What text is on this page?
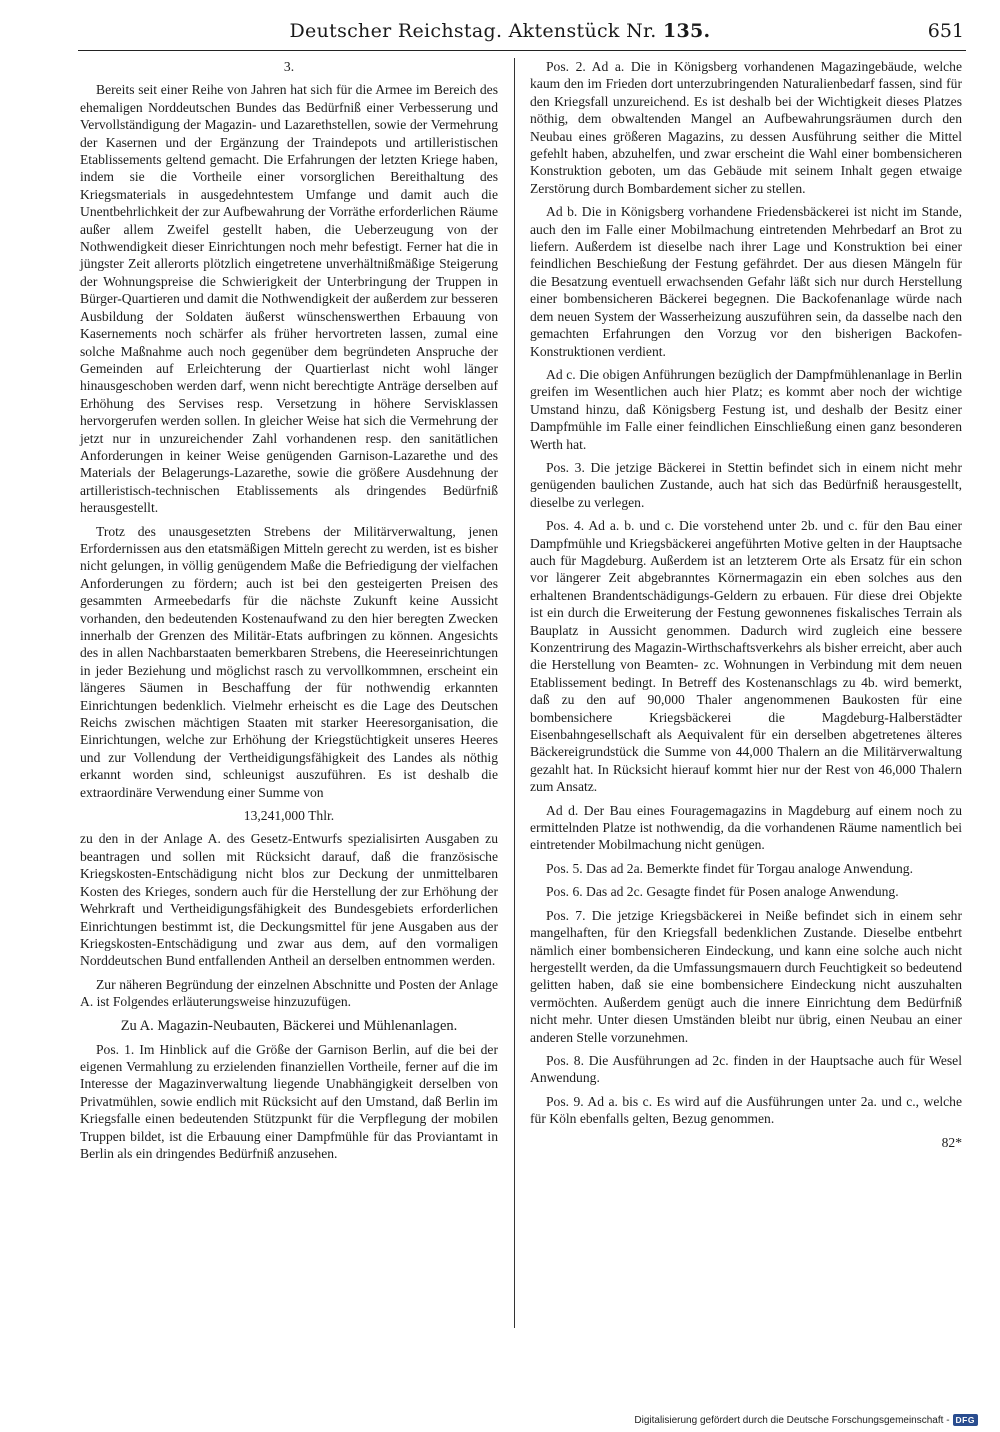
Deutscher Reichstag. Aktenstück Nr. 135.	651

3.

Bereits seit einer Reihe von Jahren hat sich für die Armee im Bereich des ehemaligen Norddeutschen Bundes das Bedürfniß einer Verbesserung und Vervollständigung der Magazin- und Lazarethstellen, sowie der Vermehrung der Kasernen und der Ergänzung der Traindepots und artilleristischen Etablissements geltend gemacht. Die Erfahrungen der letzten Kriege haben, indem sie die Vortheile einer vorsorglichen Bereithaltung des Kriegsmaterials in ausgedehntestem Umfange und damit auch die Unentbehrlichkeit der zur Aufbewahrung der Vorräthe erforderlichen Räume außer allem Zweifel gestellt haben, die Ueberzeugung von der Nothwendigkeit dieser Einrichtungen noch mehr befestigt. Ferner hat die in jüngster Zeit allerorts plötzlich eingetretene unverhältnißmäßige Steigerung der Wohnungspreise die Schwierigkeit der Unterbringung der Truppen in Bürger-Quartieren und damit die Nothwendigkeit der außerdem zur besseren Ausbildung der Soldaten äußerst wünschenswerthen Erbauung von Kasernements noch schärfer als früher hervortreten lassen, zumal eine solche Maßnahme auch noch gegenüber dem begründeten Anspruche der Gemeinden auf Erleichterung der Quartierlast nicht wohl länger hinausgeschoben werden darf, wenn nicht berechtigte Anträge derselben auf Erhöhung des Servises resp. Versetzung in höhere Servisklassen hervorgerufen werden sollen. In gleicher Weise hat sich die Vermehrung der jetzt nur in unzureichender Zahl vorhandenen resp. den sanitätlichen Anforderungen in keiner Weise genügenden Garnison-Lazarethe und des Materials der Belagerungs-Lazarethe, sowie die größere Ausdehnung der artilleristisch-technischen Etablissements als dringendes Bedürfniß herausgestellt.

Trotz des unausgesetzten Strebens der Militärverwaltung, jenen Erfordernissen aus den etatsmäßigen Mitteln gerecht zu werden, ist es bisher nicht gelungen, in völlig genügendem Maße die Befriedigung der vielfachen Anforderungen zu fördern; auch ist bei den gesteigerten Preisen des gesammten Armeebedarfs für die nächste Zukunft keine Aussicht vorhanden, den bedeutenden Kostenaufwand zu den hier beregten Zwecken innerhalb der Grenzen des Militär-Etats aufbringen zu können. Angesichts des in allen Nachbarstaaten bemerkbaren Strebens, die Heereseinrichtungen in jeder Beziehung und möglichst rasch zu vervollkommnen, erscheint ein längeres Säumen in Beschaffung der für nothwendig erkannten Einrichtungen bedenklich. Vielmehr erheischt es die Lage des Deutschen Reichs zwischen mächtigen Staaten mit starker Heeresorganisation, die Einrichtungen, welche zur Erhöhung der Kriegstüchtigkeit unseres Heeres und zur Vollendung der Vertheidigungsfähigkeit des Landes als nöthig erkannt worden sind, schleunigst auszuführen. Es ist deshalb die extraordinäre Verwendung einer Summe von

13,241,000 Thlr.

zu den in der Anlage A. des Gesetz-Entwurfs spezialisirten Ausgaben zu beantragen und sollen mit Rücksicht darauf, daß die französische Kriegskosten-Entschädigung nicht blos zur Deckung der unmittelbaren Kosten des Krieges, sondern auch für die Herstellung der zur Erhöhung der Wehrkraft und Vertheidigungsfähigkeit des Bundesgebiets erforderlichen Einrichtungen bestimmt ist, die Deckungsmittel für jene Ausgaben aus der Kriegskosten-Entschädigung und zwar aus dem, auf den vormaligen Norddeutschen Bund entfallenden Antheil an derselben entnommen werden.

Zur näheren Begründung der einzelnen Abschnitte und Posten der Anlage A. ist Folgendes erläuterungsweise hinzuzufügen.

Zu A. Magazin-Neubauten, Bäckerei und Mühlenanlagen.

Pos. 1. Im Hinblick auf die Größe der Garnison Berlin, auf die bei der eigenen Vermahlung zu erzielenden finanziellen Vortheile, ferner auf die im Interesse der Magazinverwaltung liegende Unabhängigkeit derselben von Privatmühlen, sowie endlich mit Rücksicht auf den Umstand, daß Berlin im Kriegsfalle einen bedeutenden Stützpunkt für die Verpflegung der mobilen Truppen bildet, ist die Erbauung einer Dampfmühle für das Proviantamt in Berlin als ein dringendes Bedürfniß anzusehen.

Pos. 2. Ad a. Die in Königsberg vorhandenen Magazingebäude, welche kaum den im Frieden dort unterzubringenden Naturalienbedarf fassen, sind für den Kriegsfall unzureichend. Es ist deshalb bei der Wichtigkeit dieses Platzes nöthig, dem obwaltenden Mangel an Aufbewahrungsräumen durch den Neubau eines größeren Magazins, zu dessen Ausführung seither die Mittel gefehlt haben, abzuhelfen, und zwar erscheint die Wahl einer bombensicheren Konstruktion geboten, um das Gebäude mit seinem Inhalt gegen etwaige Zerstörung durch Bombardement sicher zu stellen.

Ad b. Die in Königsberg vorhandene Friedensbäckerei ist nicht im Stande, auch den im Falle einer Mobilmachung eintretenden Mehrbedarf an Brot zu liefern. Außerdem ist dieselbe nach ihrer Lage und Konstruktion bei einer feindlichen Beschießung der Festung gefährdet. Der aus diesen Mängeln für die Besatzung eventuell erwachsenden Gefahr läßt sich nur durch Herstellung einer bombensicheren Bäckerei begegnen. Die Backofenanlage würde nach dem neuen System der Wasserheizung auszuführen sein, da dasselbe nach den gemachten Erfahrungen den Vorzug vor den bisherigen Backofen-Konstruktionen verdient.

Ad c. Die obigen Anführungen bezüglich der Dampfmühlenanlage in Berlin greifen im Wesentlichen auch hier Platz; es kommt aber noch der wichtige Umstand hinzu, daß Königsberg Festung ist, und deshalb der Besitz einer Dampfmühle im Falle einer feindlichen Einschließung einen ganz besonderen Werth hat.

Pos. 3. Die jetzige Bäckerei in Stettin befindet sich in einem nicht mehr genügenden baulichen Zustande, auch hat sich das Bedürfniß herausgestellt, dieselbe zu verlegen.

Pos. 4. Ad a. b. und c. Die vorstehend unter 2b. und c. für den Bau einer Dampfmühle und Kriegsbäckerei angeführten Motive gelten in der Hauptsache auch für Magdeburg. Außerdem ist an letzterem Orte als Ersatz für ein schon vor längerer Zeit abgebranntes Körnermagazin ein eben solches aus den erhaltenen Brandentschädigungs-Geldern zu erbauen. Für diese drei Objekte ist ein durch die Erweiterung der Festung gewonnenes fiskalisches Terrain als Bauplatz in Aussicht genommen. Dadurch wird zugleich eine bessere Konzentrirung des Magazin-Wirthschaftsverkehrs als bisher erreicht, aber auch die Herstellung von Beamten- zc. Wohnungen in Verbindung mit dem neuen Etablissement bedingt. In Betreff des Kostenanschlags zu 4b. wird bemerkt, daß zu den auf 90,000 Thaler angenommenen Baukosten für eine bombensichere Kriegsbäckerei die Magdeburg-Halberstädter Eisenbahngesellschaft als Aequivalent für ein derselben abgetretenes älteres Bäckereigrundstück die Summe von 44,000 Thalern an die Militärverwaltung gezahlt hat. In Rücksicht hierauf kommt hier nur der Rest von 46,000 Thalern zum Ansatz.

Ad d. Der Bau eines Fouragemagazins in Magdeburg auf einem noch zu ermittelnden Platze ist nothwendig, da die vorhandenen Räume namentlich bei eintretender Mobilmachung nicht genügen.

Pos. 5. Das ad 2a. Bemerkte findet für Torgau analoge Anwendung.

Pos. 6. Das ad 2c. Gesagte findet für Posen analoge Anwendung.

Pos. 7. Die jetzige Kriegsbäckerei in Neiße befindet sich in einem sehr mangelhaften, für den Kriegsfall bedenklichen Zustande. Dieselbe entbehrt nämlich einer bombensicheren Eindeckung, und kann eine solche auch nicht hergestellt werden, da die Umfassungsmauern durch Feuchtigkeit so bedeutend gelitten haben, daß sie eine bombensichere Eindeckung nicht auszuhalten vermöchten. Außerdem genügt auch die innere Einrichtung dem Bedürfniß nicht mehr. Unter diesen Umständen bleibt nur übrig, einen Neubau an einer anderen Stelle vorzunehmen.

Pos. 8. Die Ausführungen ad 2c. finden in der Hauptsache auch für Wesel Anwendung.

Pos. 9. Ad a. bis c. Es wird auf die Ausführungen unter 2a. und c., welche für Köln ebenfalls gelten, Bezug genommen.

82*

Digitalisierung gefördert durch die Deutsche Forschungsgemeinschaft - DFG
